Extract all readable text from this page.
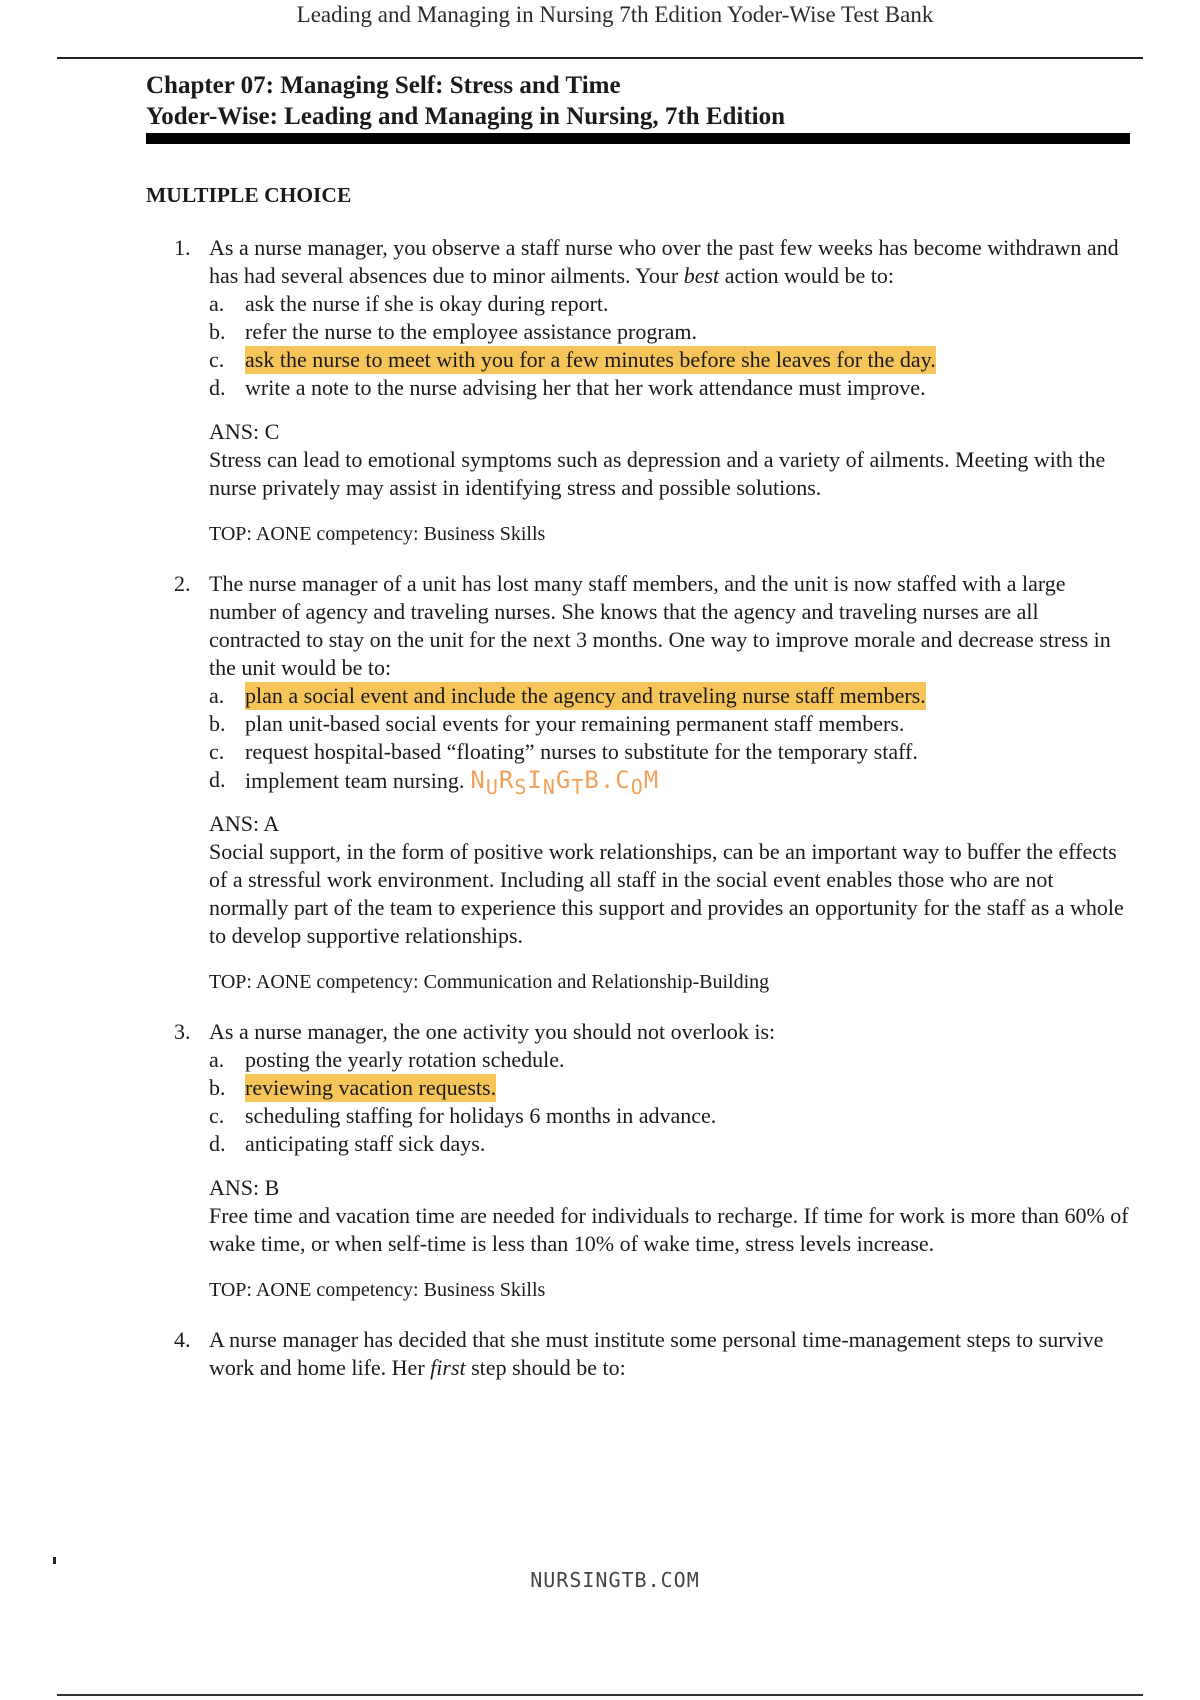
Leading and Managing in Nursing 7th Edition Yoder-Wise Test Bank

Chapter 07: Managing Self: Stress and Time

Yoder-Wise: Leading and Managing in Nursing, 7th Edition

MULTIPLE CHOICE

1. As a nurse manager, you observe a staff nurse who over the past few weeks has become withdrawn and has had several absences due to minor ailments. Your best action would be to:
a. ask the nurse if she is okay during report.
b. refer the nurse to the employee assistance program.
c. ask the nurse to meet with you for a few minutes before she leaves for the day.
d. write a note to the nurse advising her that her work attendance must improve.
ANS: C
Stress can lead to emotional symptoms such as depression and a variety of ailments. Meeting with the nurse privately may assist in identifying stress and possible solutions.
TOP: AONE competency: Business Skills
2. The nurse manager of a unit has lost many staff members, and the unit is now staffed with a large number of agency and traveling nurses. She knows that the agency and traveling nurses are all contracted to stay on the unit for the next 3 months. One way to improve morale and decrease stress in the unit would be to:
a. plan a social event and include the agency and traveling nurse staff members.
b. plan unit-based social events for your remaining permanent staff members.
c. request hospital-based “floating” nurses to substitute for the temporary staff.
d. implement team nursing. $N_UR_SI_NG_TB.C_OM$
ANS: A
Social support, in the form of positive work relationships, can be an important way to buffer the effects of a stressful work environment. Including all staff in the social event enables those who are not normally part of the team to experience this support and provides an opportunity for the staff as a whole to develop supportive relationships.
TOP: AONE competency: Communication and Relationship-Building
3. As a nurse manager, the one activity you should not overlook is:
a. posting the yearly rotation schedule.
b. reviewing vacation requests.
c. scheduling staffing for holidays 6 months in advance.
d. anticipating staff sick days.
ANS: B
Free time and vacation time are needed for individuals to recharge. If time for work is more than 60% of wake time, or when self-time is less than 10% of wake time, stress levels increase.
TOP: AONE competency: Business Skills
4. A nurse manager has decided that she must institute some personal time-management steps to survive work and home life. Her first step should be to:
NURSINGTB.COM
